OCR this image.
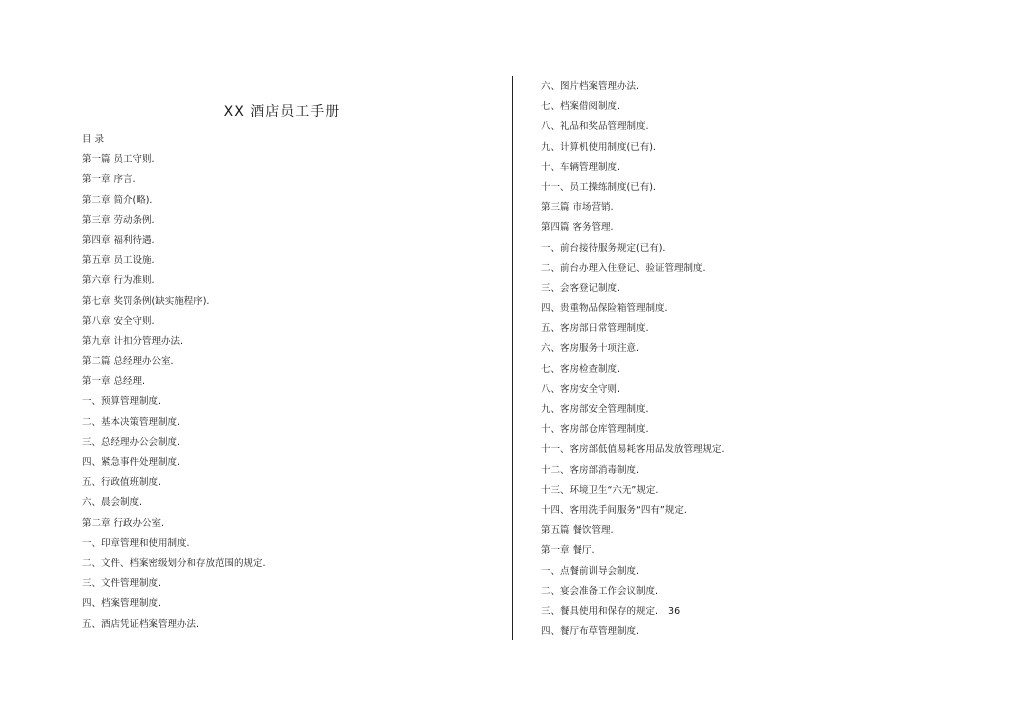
XX 酒店员工手册
目 录
第一篇 员工守则.
第一章 序言.
第二章 简介(略).
第三章 劳动条例.
第四章 福利待遇.
第五章 员工设施.
第六章 行为准则.
第七章 奖罚条例(缺实施程序).
第八章 安全守则.
第九章 计扣分管理办法.
第二篇 总经理办公室.
第一章 总经理.
一、预算管理制度.
二、基本决策管理制度.
三、总经理办公会制度.
四、紧急事件处理制度.
五、行政值班制度.
六、晨会制度.
第二章 行政办公室.
一、印章管理和使用制度.
二、文件、档案密级划分和存放范围的规定.
三、文件管理制度.
四、档案管理制度.
五、酒店凭证档案管理办法.
六、图片档案管理办法.
七、档案借阅制度.
八、礼品和奖品管理制度.
九、计算机使用制度(已有).
十、车辆管理制度.
十一、员工操练制度(已有).
第三篇 市场营销.
第四篇 客务管理.
一、前台接待服务规定(已有).
二、前台办理入住登记、验证管理制度.
三、会客登记制度.
四、贵重物品保险箱管理制度.
五、客房部日常管理制度.
六、客房服务十项注意.
七、客房检查制度.
八、客房安全守则.
九、客房部安全管理制度.
十、客房部仓库管理制度.
十一、客房部低值易耗客用品发放管理规定.
十二、客房部消毒制度.
十三、环境卫生“六无”规定.
十四、客用洗手间服务“四有”规定.
第五篇 餐饮管理.
第一章 餐厅.
一、点餐前训导会制度.
二、宴会准备工作会议制度.
三、餐具使用和保存的规定. 36
四、餐厅布草管理制度.
